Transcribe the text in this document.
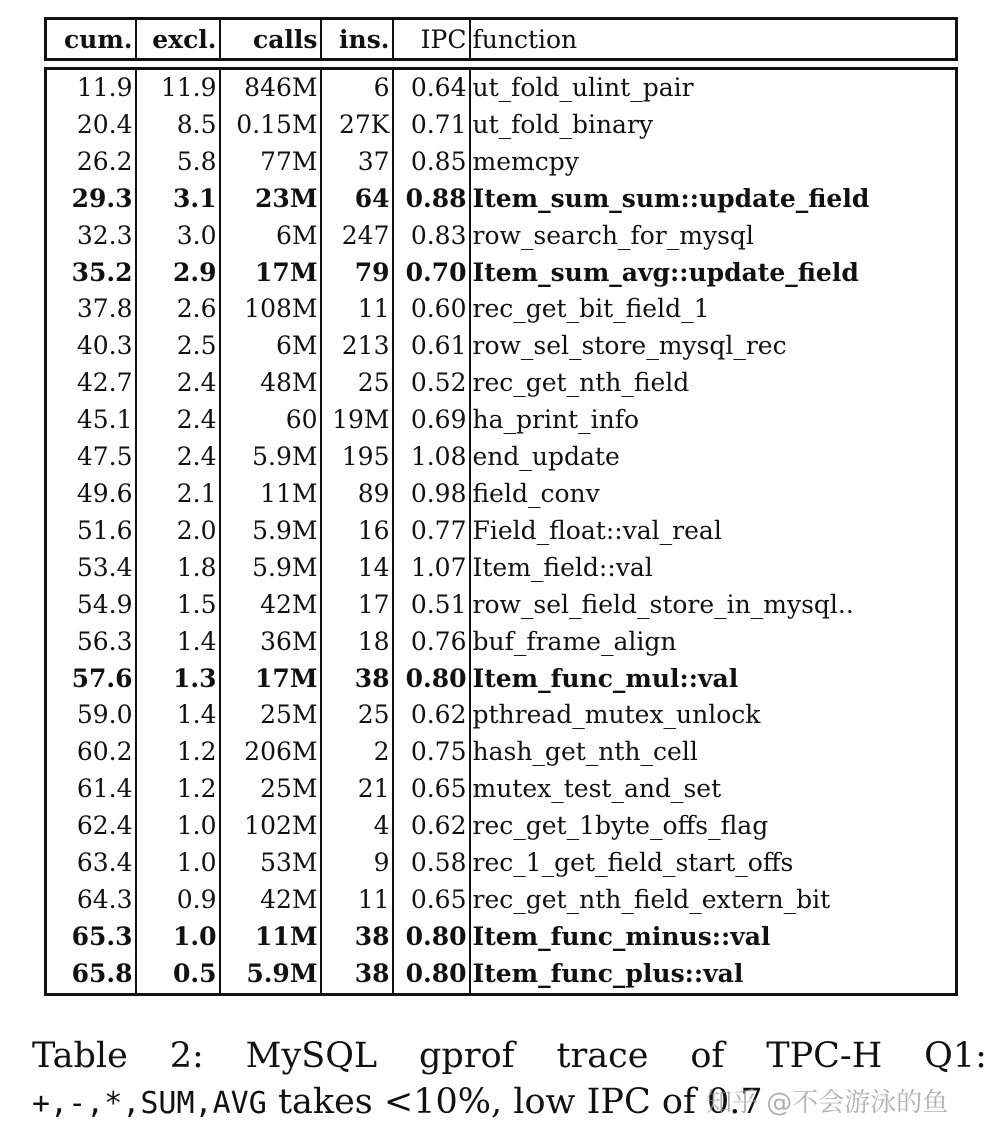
cum.	excl.	calls	ins.	IPC	function

11.9	11.9	846M	6	0.64	ut_fold_ulint_pair
20.4	8.5	0.15M	27K	0.71	ut_fold_binary
26.2	5.8	77M	37	0.85	memcpy
29.3	3.1	23M	64	0.88	Item_sum_sum::update_field
32.3	3.0	6M	247	0.83	row_search_for_mysql
35.2	2.9	17M	79	0.70	Item_sum_avg::update_field
37.8	2.6	108M	11	0.60	rec_get_bit_field_1
40.3	2.5	6M	213	0.61	row_sel_store_mysql_rec
42.7	2.4	48M	25	0.52	rec_get_nth_field
45.1	2.4	60	19M	0.69	ha_print_info
47.5	2.4	5.9M	195	1.08	end_update
49.6	2.1	11M	89	0.98	field_conv
51.6	2.0	5.9M	16	0.77	Field_float::val_real
53.4	1.8	5.9M	14	1.07	Item_field::val
54.9	1.5	42M	17	0.51	row_sel_field_store_in_mysql..
56.3	1.4	36M	18	0.76	buf_frame_align
57.6	1.3	17M	38	0.80	Item_func_mul::val
59.0	1.4	25M	25	0.62	pthread_mutex_unlock
60.2	1.2	206M	2	0.75	hash_get_nth_cell
61.4	1.2	25M	21	0.65	mutex_test_and_set
62.4	1.0	102M	4	0.62	rec_get_1byte_offs_flag
63.4	1.0	53M	9	0.58	rec_1_get_field_start_offs
64.3	0.9	42M	11	0.65	rec_get_nth_field_extern_bit
65.3	1.0	11M	38	0.80	Item_func_minus::val
65.8	0.5	5.9M	38	0.80	Item_func_plus::val
Table 2: MySQL gprof trace of TPC-H Q1:
+,-,*,SUM,AVG takes <10%, low IPC of 0.7
知乎 @不会游泳的鱼
